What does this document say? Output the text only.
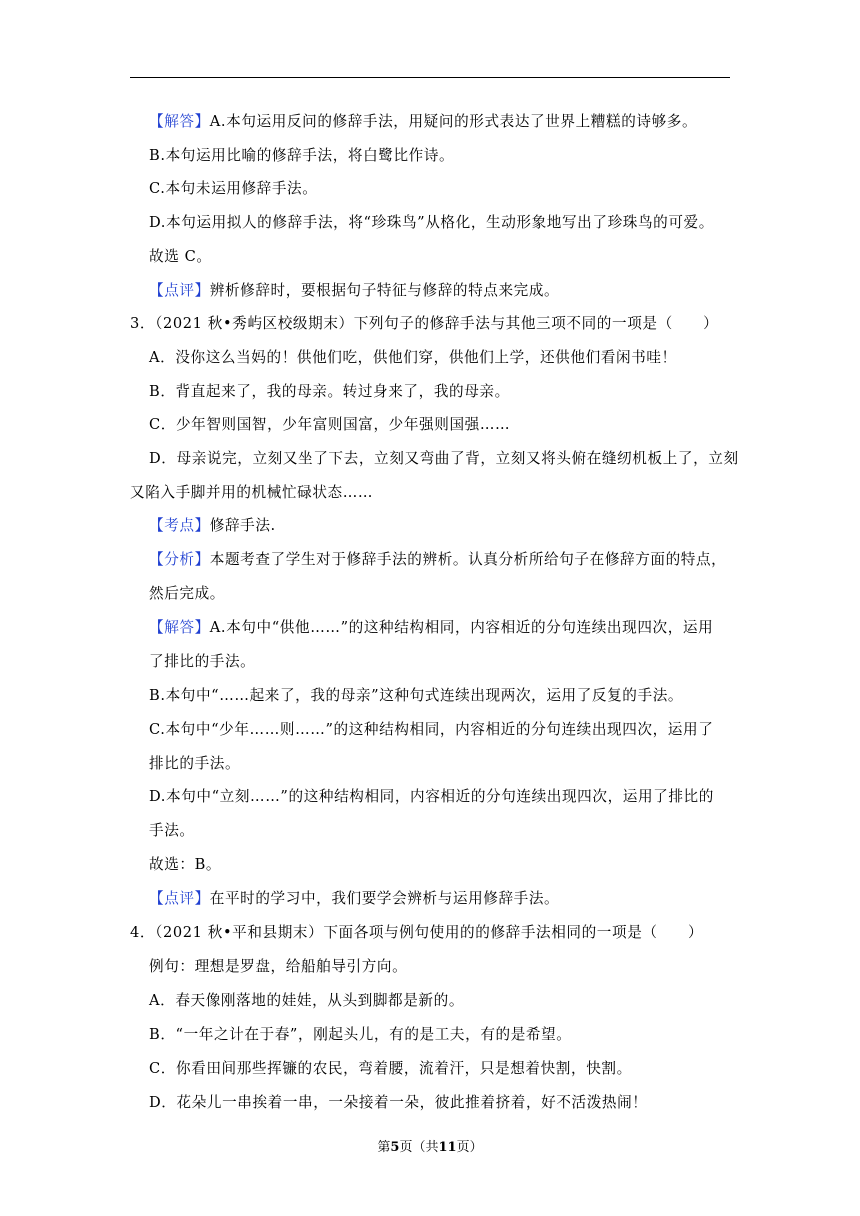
【解答】A.本句运用反问的修辞手法，用疑问的形式表达了世界上糟糕的诗够多。
B.本句运用比喻的修辞手法，将白鹭比作诗。
C.本句未运用修辞手法。
D.本句运用拟人的修辞手法，将“珍珠鸟”从格化，生动形象地写出了珍珠鸟的可爱。
故选 C。
【点评】辨析修辞时，要根据句子特征与修辞的特点来完成。
3．（2021 秋•秀屿区校级期末）下列句子的修辞手法与其他三项不同的一项是（　　）
A．没你这么当妈的！供他们吃，供他们穿，供他们上学，还供他们看闲书哇！
B．背直起来了，我的母亲。转过身来了，我的母亲。
C．少年智则国智，少年富则国富，少年强则国强……
D．母亲说完，立刻又坐了下去，立刻又弯曲了背，立刻又将头俯在缝纫机板上了，立刻
又陷入手脚并用的机械忙碌状态……
【考点】修辞手法.
【分析】本题考查了学生对于修辞手法的辨析。认真分析所给句子在修辞方面的特点，
然后完成。
【解答】A.本句中“供他……”的这种结构相同，内容相近的分句连续出现四次，运用
了排比的手法。
B.本句中“……起来了，我的母亲”这种句式连续出现两次，运用了反复的手法。
C.本句中“少年……则……”的这种结构相同，内容相近的分句连续出现四次，运用了
排比的手法。
D.本句中“立刻……”的这种结构相同，内容相近的分句连续出现四次，运用了排比的
手法。
故选：B。
【点评】在平时的学习中，我们要学会辨析与运用修辞手法。
4．（2021 秋•平和县期末）下面各项与例句使用的的修辞手法相同的一项是（　　）
例句：理想是罗盘，给船舶导引方向。
A．春天像刚落地的娃娃，从头到脚都是新的。
B．“一年之计在于春”，刚起头儿，有的是工夫，有的是希望。
C．你看田间那些挥镰的农民，弯着腰，流着汗，只是想着快割，快割。
D．花朵儿一串挨着一串，一朵接着一朵，彼此推着挤着，好不活泼热闹！
第5页（共11页）
